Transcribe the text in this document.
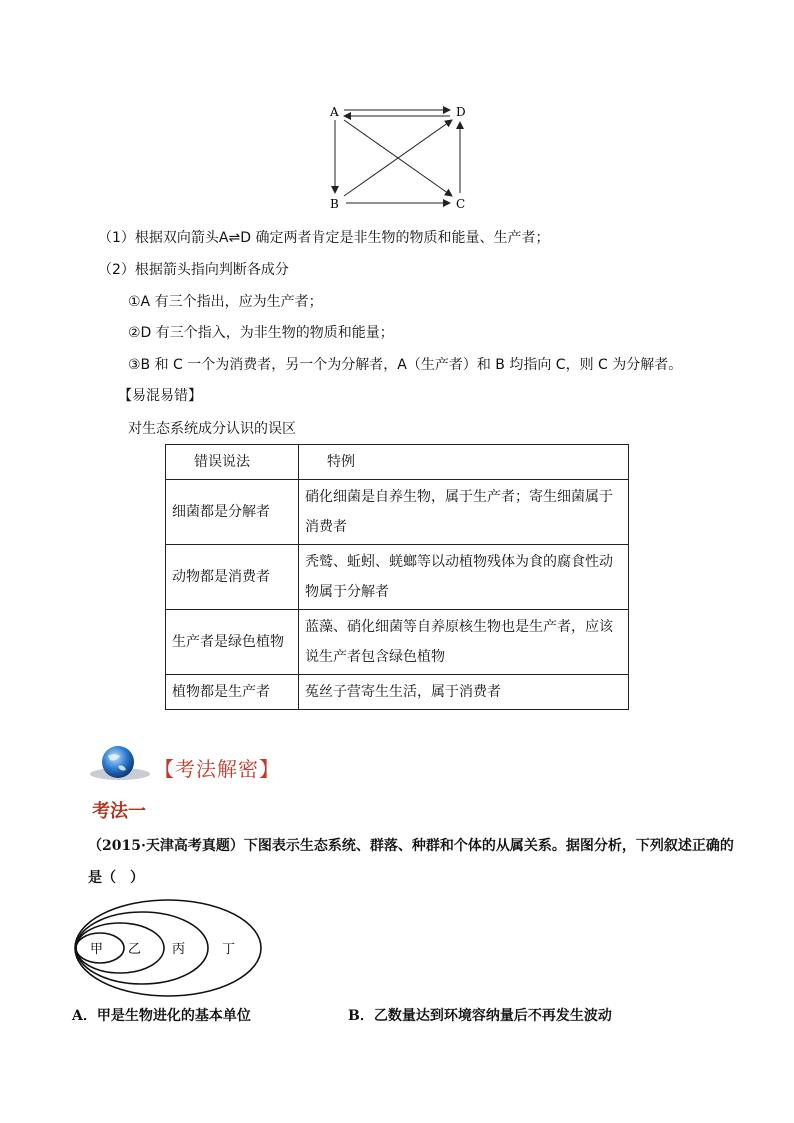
A	D
B	C
（1）根据双向箭头A⇌D 确定两者肯定是非生物的物质和能量、生产者；
（2）根据箭头指向判断各成分
①A 有三个指出，应为生产者；
②D 有三个指入，为非生物的物质和能量；
③B 和 C 一个为消费者，另一个为分解者，A（生产者）和 B 均指向 C，则 C 为分解者。
【易混易错】
对生态系统成分认识的误区
错误说法	特例
细菌都是分解者	硝化细菌是自养生物，属于生产者；寄生细菌属于消费者
动物都是消费者	秃鹫、蚯蚓、蜣螂等以动植物残体为食的腐食性动物属于分解者
生产者是绿色植物	蓝藻、硝化细菌等自养原核生物也是生产者，应该说生产者包含绿色植物
植物都是生产者	菟丝子营寄生生活，属于消费者
【考法解密】
考法一
（2015·天津高考真题）下图表示生态系统、群落、种群和个体的从属关系。据图分析，下列叙述正确的
是（　）
甲 乙 丙	丁
A．甲是生物进化的基本单位	B．乙数量达到环境容纳量后不再发生波动
